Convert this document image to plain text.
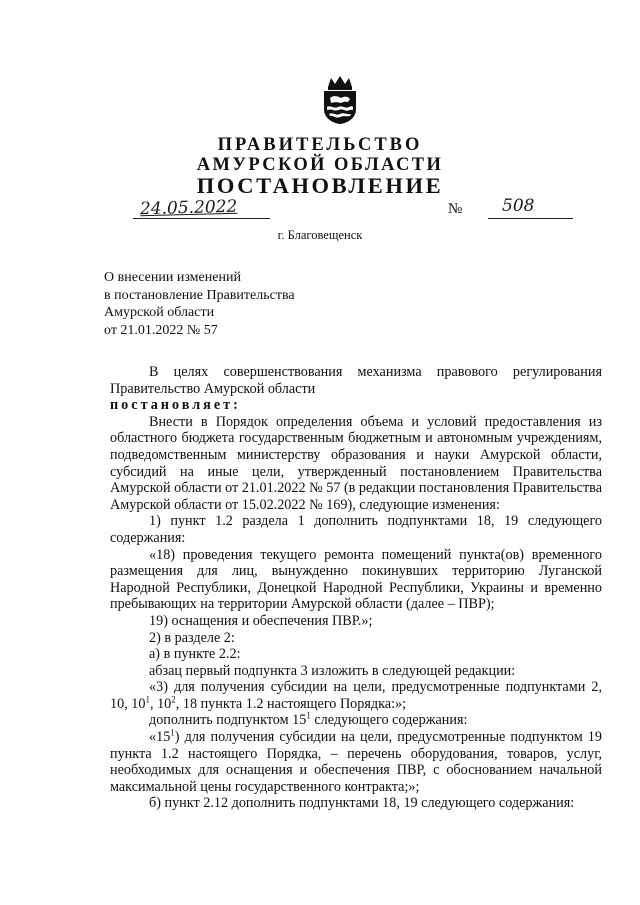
ПРАВИТЕЛЬСТВО
АМУРСКОЙ ОБЛАСТИ
ПОСТАНОВЛЕНИЕ
24.05.2022	№ 508
г. Благовещенск
О внесении изменений
в постановление Правительства
Амурской области
от 21.01.2022 № 57
В целях совершенствования механизма правового регулирования Правительство Амурской области
постановляет:
Внести в Порядок определения объема и условий предоставления из областного бюджета государственным бюджетным и автономным учреждениям, подведомственным министерству образования и науки Амурской области, субсидий на иные цели, утвержденный постановлением Правительства Амурской области от 21.01.2022 № 57 (в редакции постановления Правительства Амурской области от 15.02.2022 № 169), следующие изменения:
1) пункт 1.2 раздела 1 дополнить подпунктами 18, 19 следующего содержания:
«18) проведения текущего ремонта помещений пункта(ов) временного размещения для лиц, вынужденно покинувших территорию Луганской Народной Республики, Донецкой Народной Республики, Украины и временно пребывающих на территории Амурской области (далее – ПВР);
19) оснащения и обеспечения ПВР.»;
2) в разделе 2:
а) в пункте 2.2:
абзац первый подпункта 3 изложить в следующей редакции:
«3) для получения субсидии на цели, предусмотренные подпунктами 2, 10, $10^1$, $10^2$, 18 пункта 1.2 настоящего Порядка:»;
дополнить подпунктом $15^1$ следующего содержания:
«$15^1$) для получения субсидии на цели, предусмотренные подпунктом 19 пункта 1.2 настоящего Порядка, – перечень оборудования, товаров, услуг, необходимых для оснащения и обеспечения ПВР, с обоснованием начальной максимальной цены государственного контракта;»;
б) пункт 2.12 дополнить подпунктами 18, 19 следующего содержания:
